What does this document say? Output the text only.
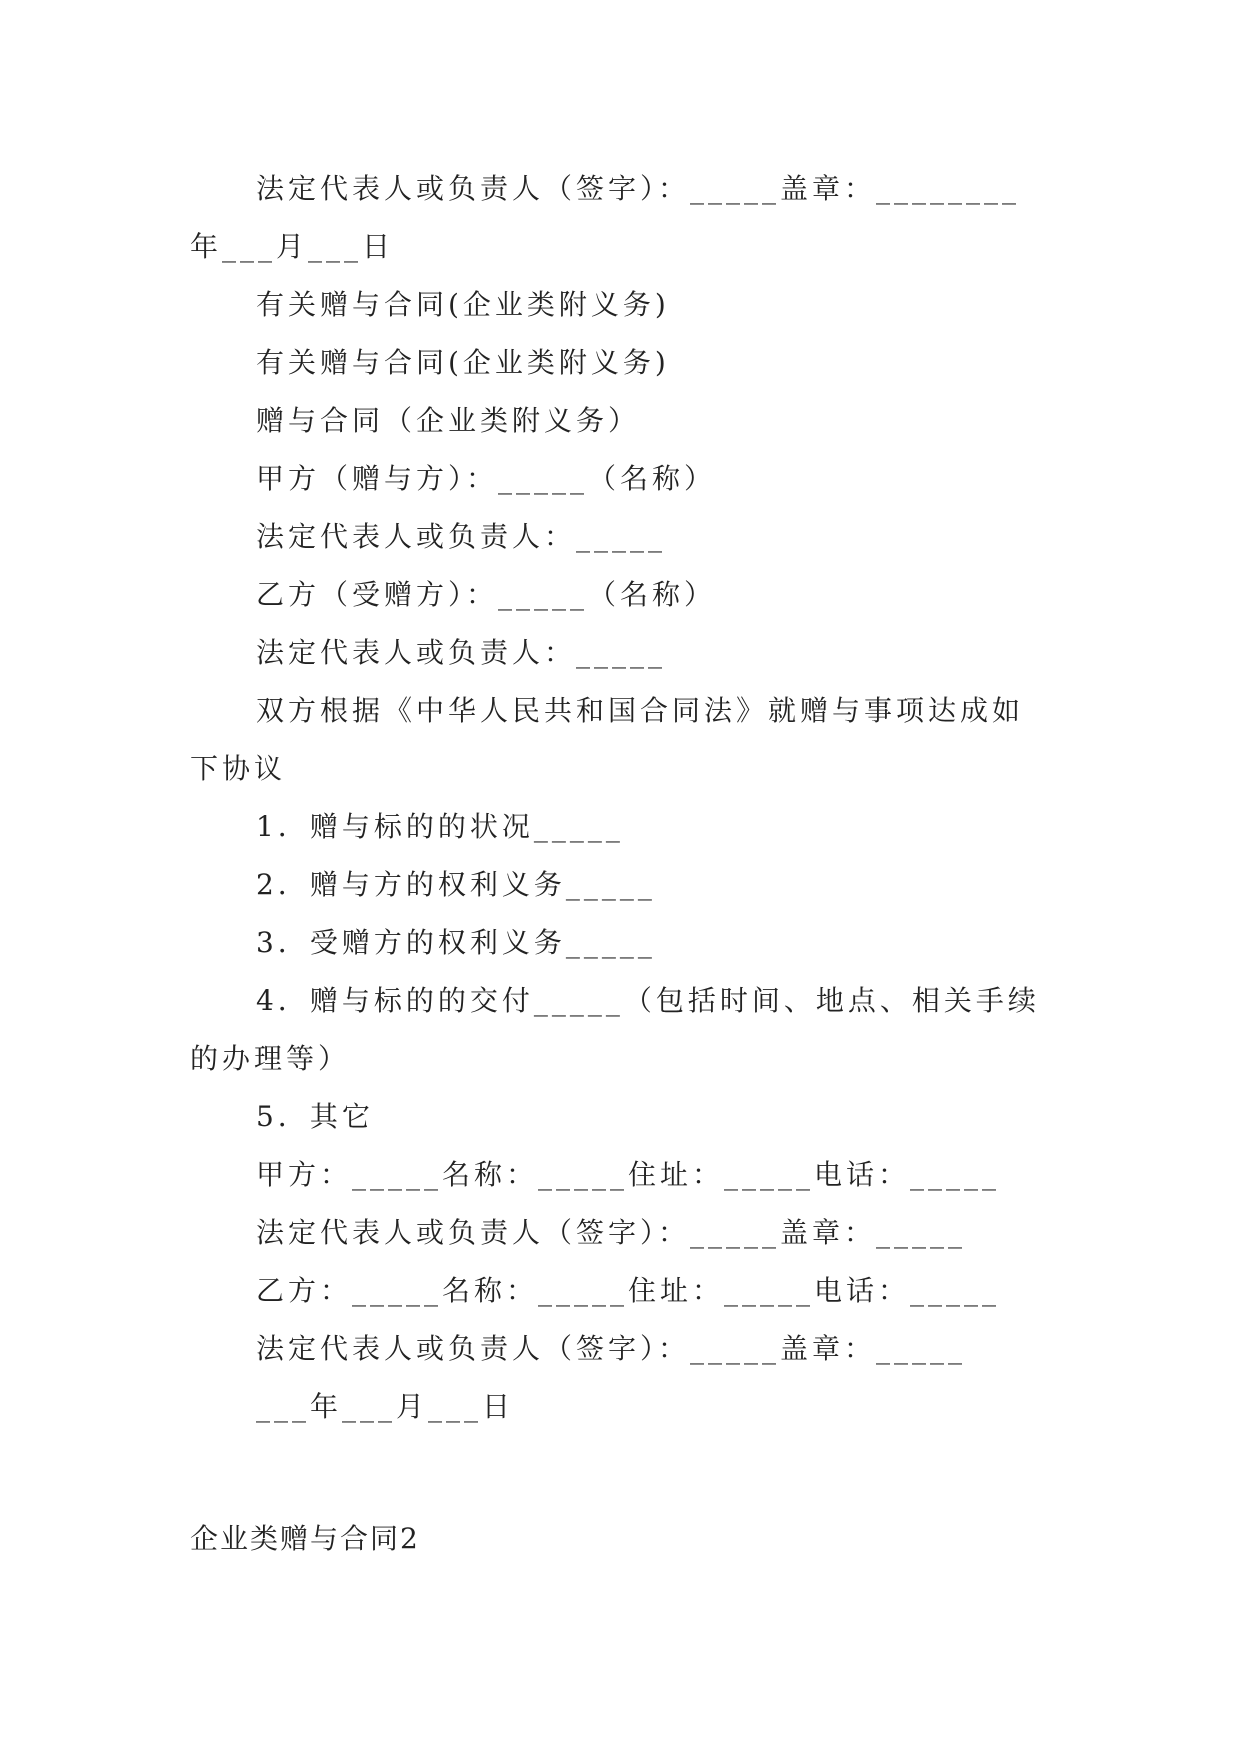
法定代表人或负责人（签字）：_____盖章：________年___月___日

有关赠与合同(企业类附义务)

有关赠与合同(企业类附义务)

赠与合同（企业类附义务）

甲方（赠与方）：_____（名称）

法定代表人或负责人：_____

乙方（受赠方）：_____（名称）

法定代表人或负责人：_____

双方根据《中华人民共和国合同法》就赠与事项达成如下协议

1．赠与标的的状况_____

2．赠与方的权利义务_____

3．受赠方的权利义务_____

4．赠与标的的交付_____（包括时间、地点、相关手续的办理等）

5．其它

甲方：_____名称：_____住址：_____电话：_____

法定代表人或负责人（签字）：_____盖章：_____

乙方：_____名称：_____住址：_____电话：_____

法定代表人或负责人（签字）：_____盖章：_____

___年___月___日

企业类赠与合同2
